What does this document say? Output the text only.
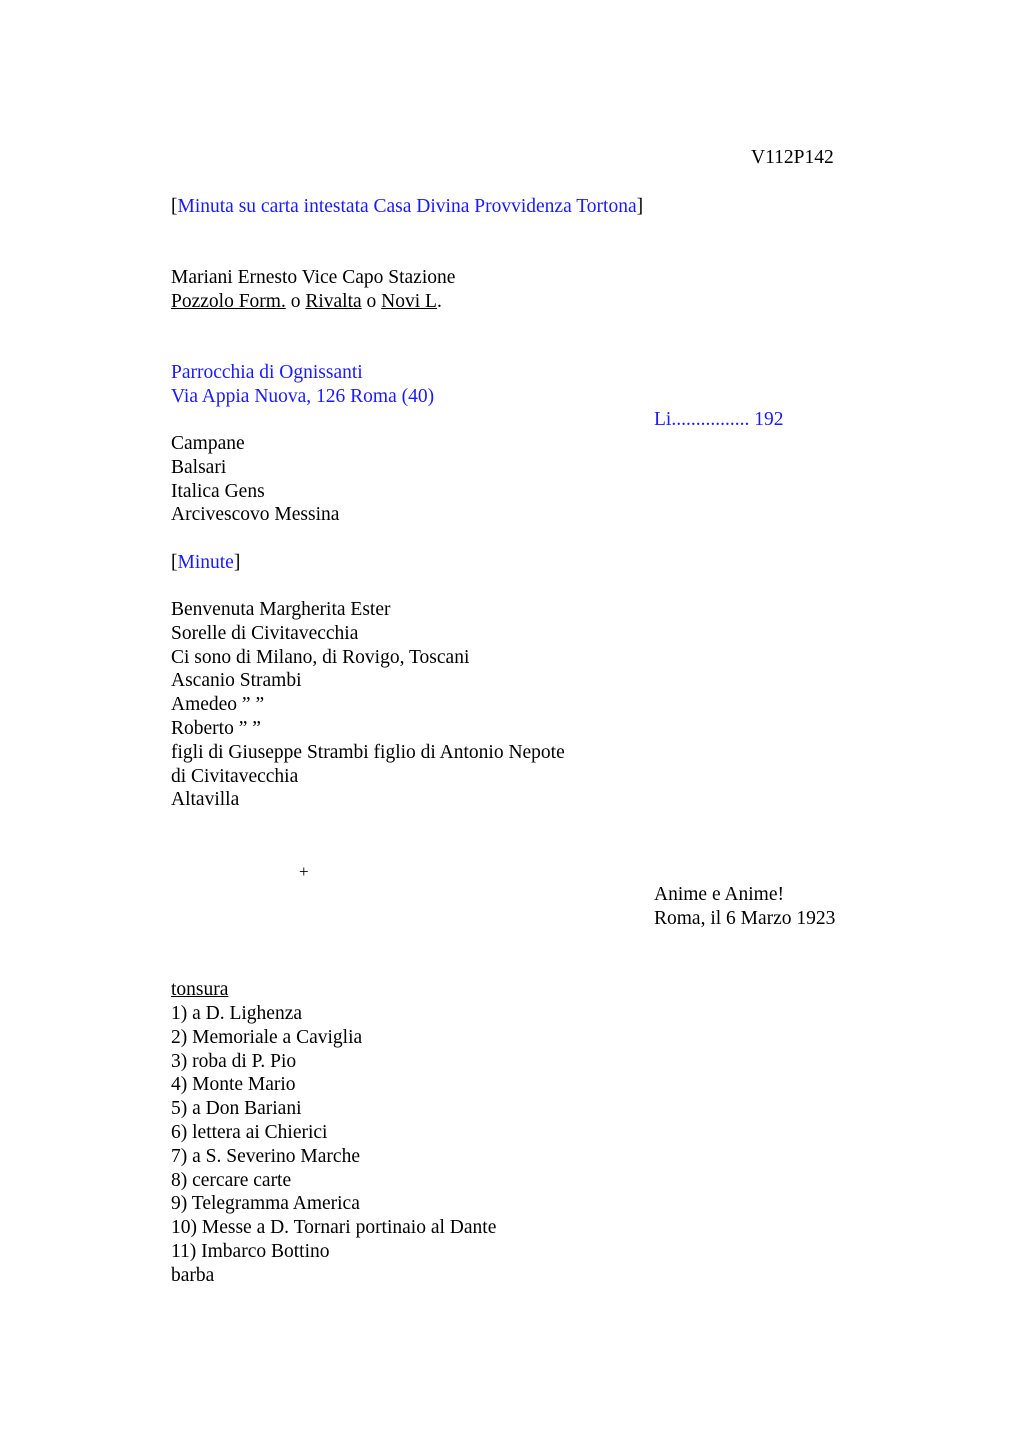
V112P142
[Minuta su carta intestata Casa Divina Provvidenza Tortona]
Mariani Ernesto Vice Capo Stazione
Pozzolo Form. o Rivalta o Novi L.
Parrocchia di Ognissanti
Via Appia Nuova, 126 Roma (40)
Li................ 192
Campane
Balsari
Italica Gens
Arcivescovo Messina
[Minute]
Benvenuta Margherita Ester
Sorelle di Civitavecchia
Ci sono di Milano, di Rovigo, Toscani
Ascanio Strambi
Amedeo ” ”
Roberto ” ”
figli di Giuseppe Strambi figlio di Antonio Nepote
di Civitavecchia
Altavilla
+
Anime e Anime!
Roma, il 6 Marzo 1923
tonsura
1) a D. Lighenza
2) Memoriale a Caviglia
3) roba di P. Pio
4) Monte Mario
5) a Don Bariani
6) lettera ai Chierici
7) a S. Severino Marche
8) cercare carte
9) Telegramma America
10) Messe a D. Tornari portinaio al Dante
11) Imbarco Bottino
barba
